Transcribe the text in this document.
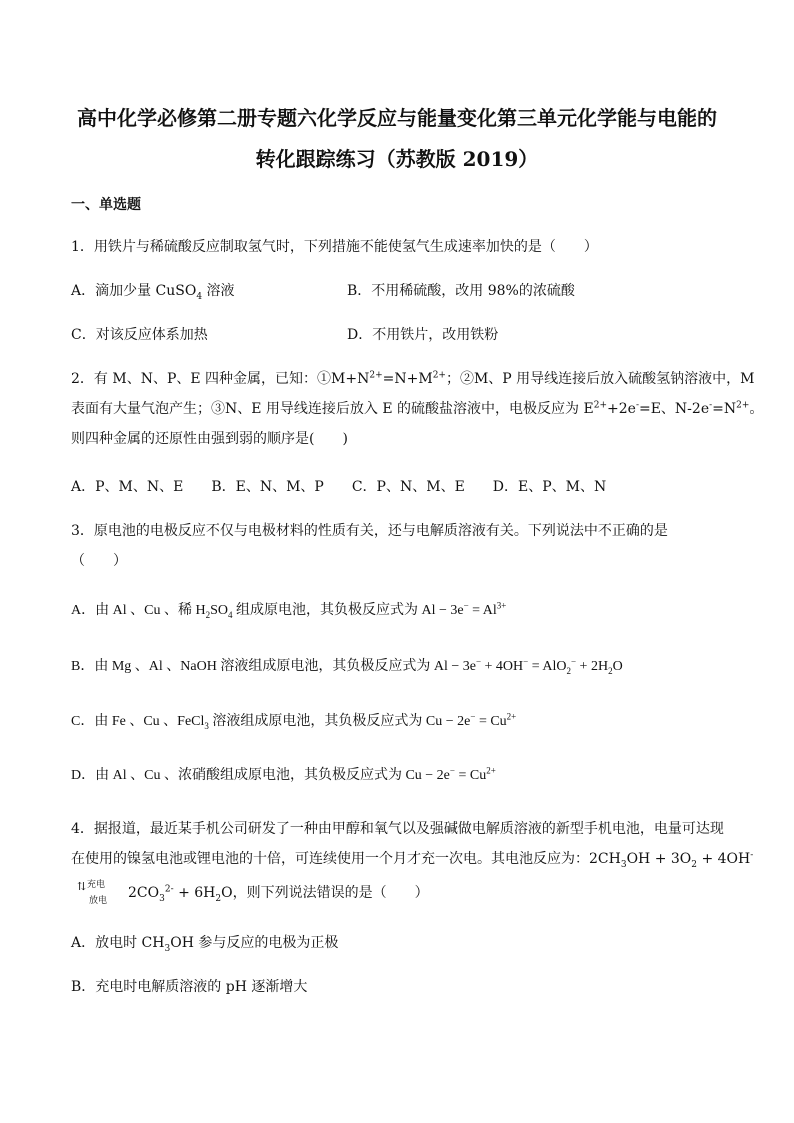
高中化学必修第二册专题六化学反应与能量变化第三单元化学能与电能的
转化跟踪练习（苏教版 2019）
一、单选题
1．用铁片与稀硫酸反应制取氢气时，下列措施不能使氢气生成速率加快的是（　　）
A．滴加少量 CuSO$_4$ 溶液	B．不用稀硫酸，改用 98%的浓硫酸
C．对该反应体系加热	D．不用铁片，改用铁粉
2．有 M、N、P、E 四种金属，已知：$①M+N^{2+}=N+M^{2+}$；②M、P 用导线连接后放入硫酸氢钠溶液中，M
表面有大量气泡产生；③N、E 用导线连接后放入 E 的硫酸盐溶液中，电极反应为 $E^{2+}+2e^-=E$、$N-2e^-=N^{2+}$。
则四种金属的还原性由强到弱的顺序是(　　)
A．P、M、N、E　　B．E、N、M、P　　C．P、N、M、E　　D．E、P、M、N
3．原电池的电极反应不仅与电极材料的性质有关，还与电解质溶液有关。下列说法中不正确的是
（　　）
A．由 Al 、Cu 、稀 $H_2SO_4$ 组成原电池，其负极反应式为 $Al - 3e^- = Al^{3+}$
B．由 Mg 、Al 、NaOH 溶液组成原电池，其负极反应式为 $Al - 3e^- + 4OH^- = AlO_2^- + 2H_2O$
C．由 Fe 、Cu 、FeCl$_3$ 溶液组成原电池，其负极反应式为 $Cu - 2e^- = Cu^{2+}$
D．由 Al 、Cu 、浓硝酸组成原电池，其负极反应式为 $Cu - 2e^- = Cu^{2+}$
4．据报道，最近某手机公司研发了一种由甲醇和氧气以及强碱做电解质溶液的新型手机电池，电量可达现
在使用的镍氢电池或锂电池的十倍，可连续使用一个月才充一次电。其电池反应为：$2CH_3OH + 3O_2 + 4OH^-$
⇅ 充电
放电 $2CO_3^{2-} + 6H_2O$，则下列说法错误的是（　　）
A．放电时 $CH_3OH$ 参与反应的电极为正极
B．充电时电解质溶液的 pH 逐渐增大
